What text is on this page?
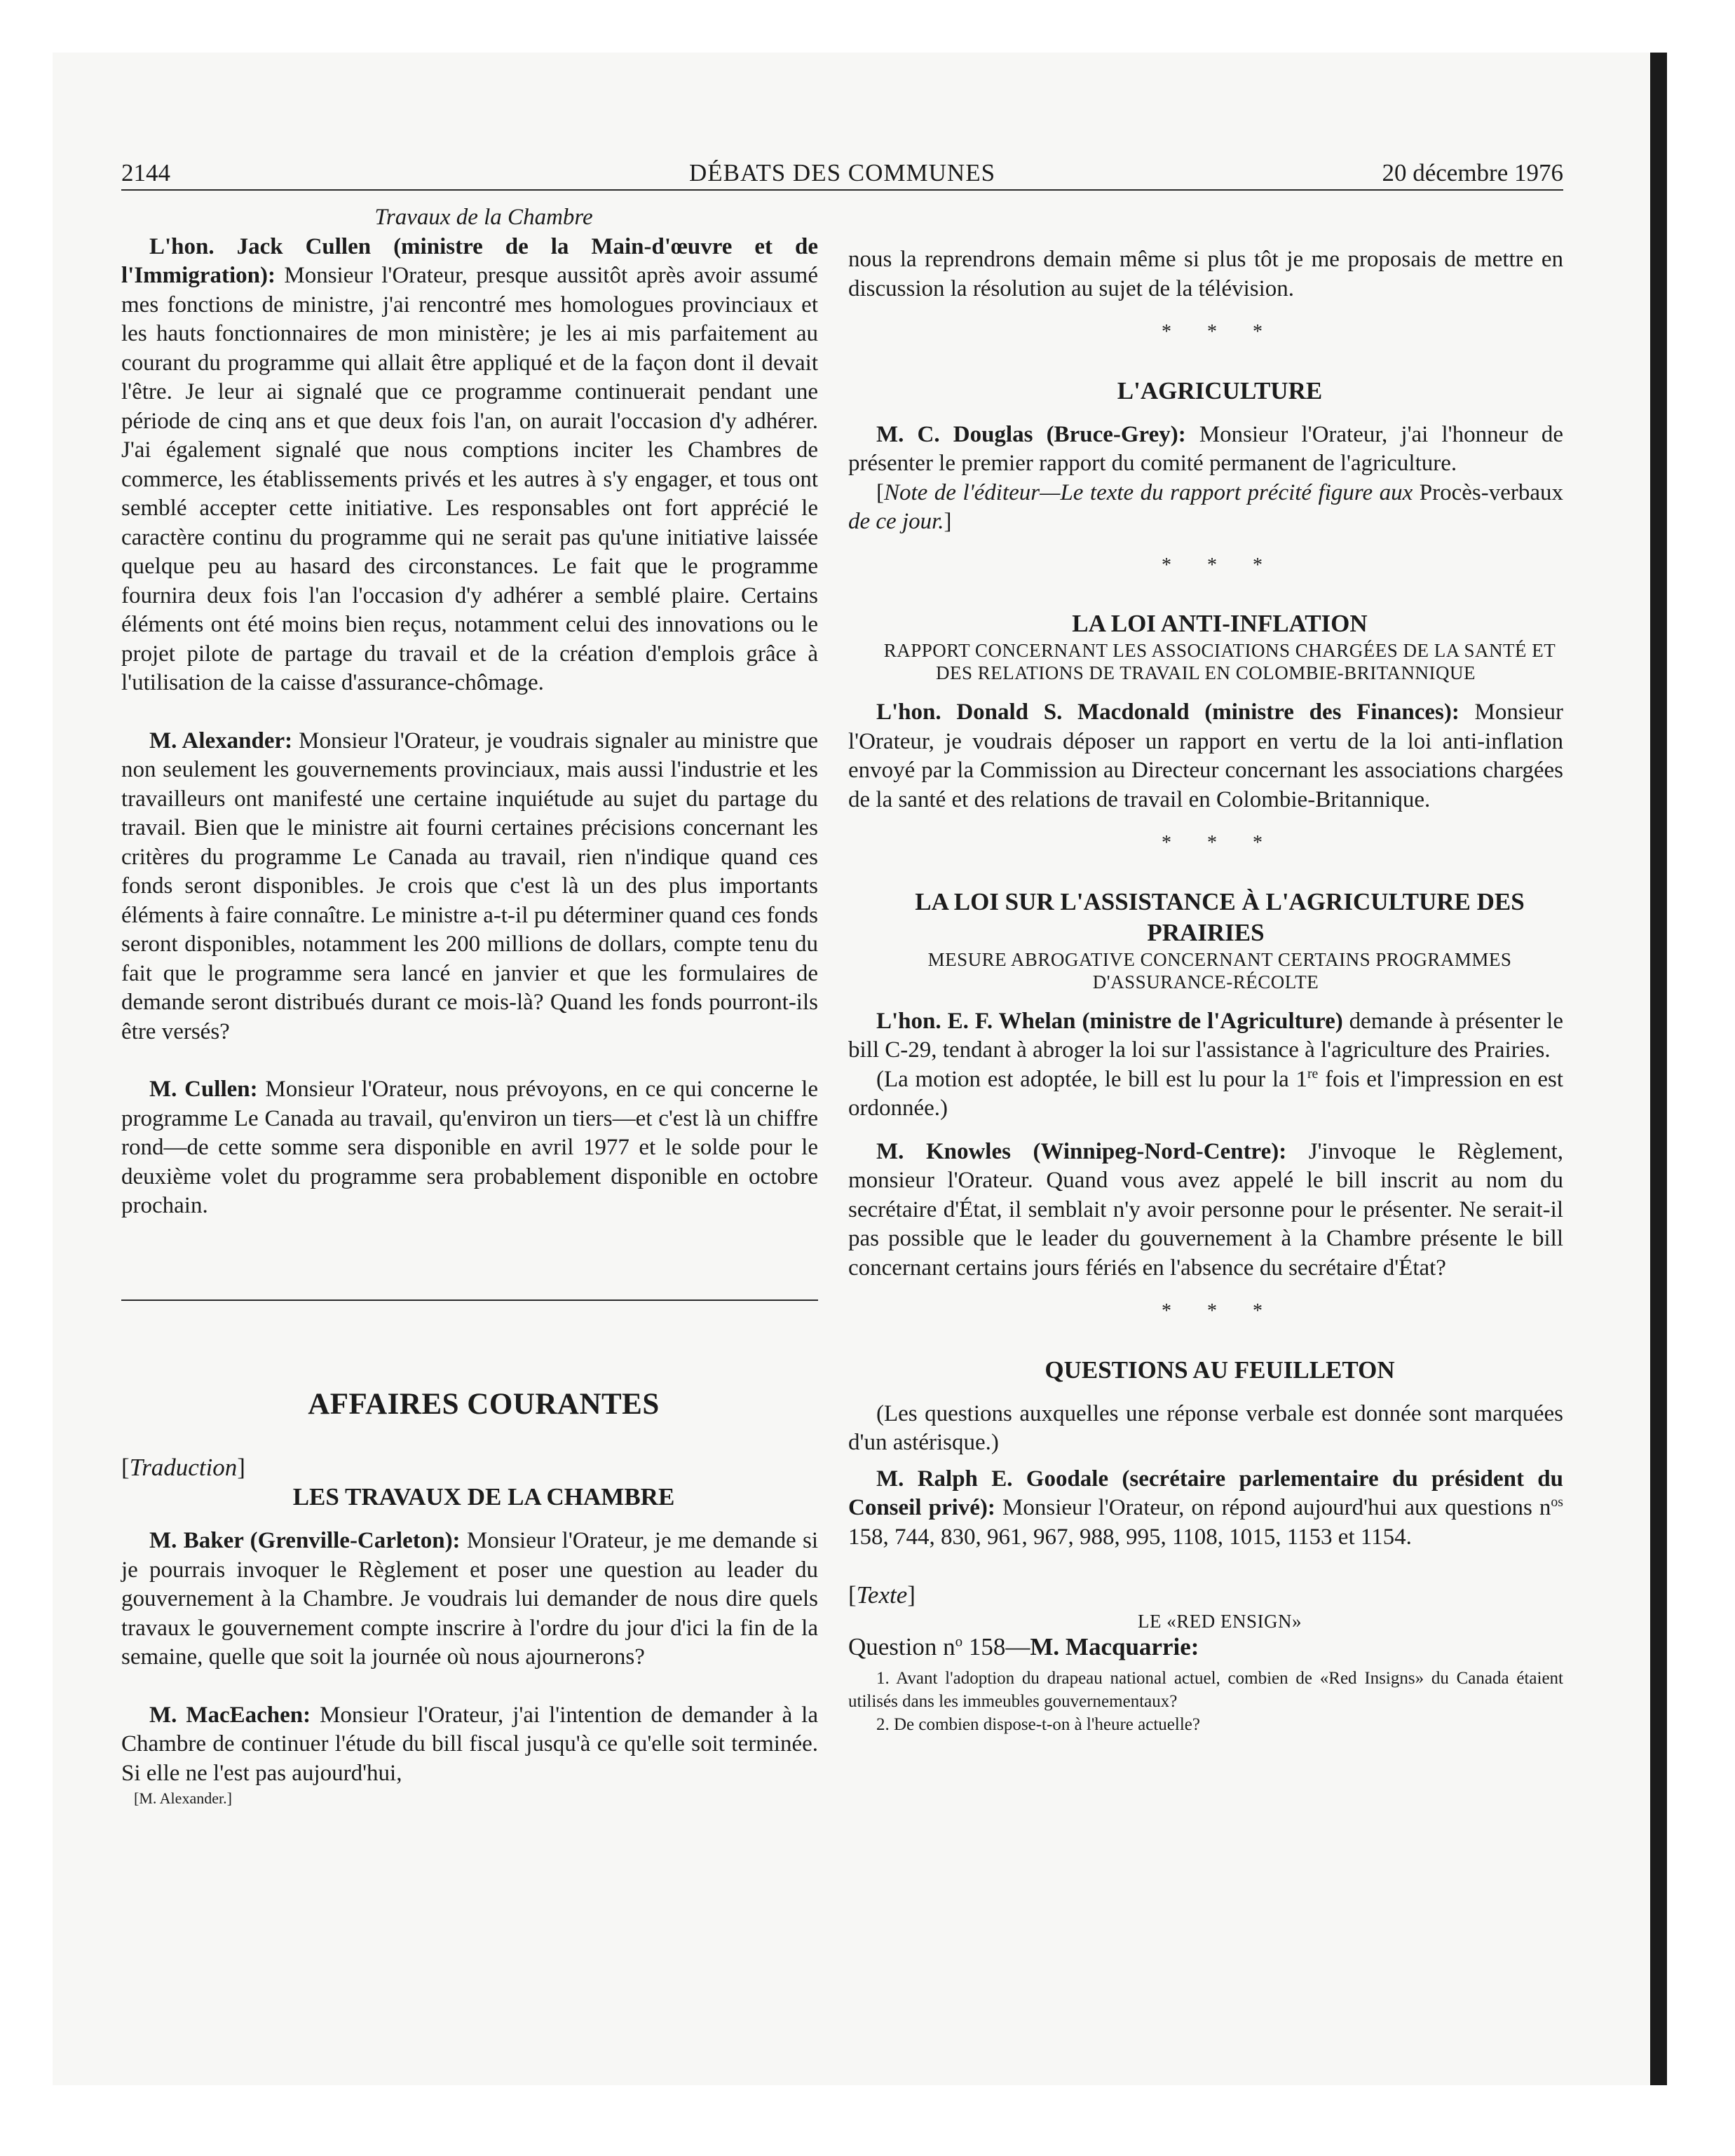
2144	DÉBATS DES COMMUNES	20 décembre 1976

Travaux de la Chambre

L'hon. Jack Cullen (ministre de la Main-d'œuvre et de l'Immigration): Monsieur l'Orateur, presque aussitôt après avoir assumé mes fonctions de ministre, j'ai rencontré mes homologues provinciaux et les hauts fonctionnaires de mon ministère; je les ai mis parfaitement au courant du programme qui allait être appliqué et de la façon dont il devait l'être. Je leur ai signalé que ce programme continuerait pendant une période de cinq ans et que deux fois l'an, on aurait l'occasion d'y adhérer. J'ai également signalé que nous comptions inciter les Chambres de commerce, les établissements privés et les autres à s'y engager, et tous ont semblé accepter cette initiative. Les responsables ont fort apprécié le caractère continu du programme qui ne serait pas qu'une initiative laissée quelque peu au hasard des circonstances. Le fait que le programme fournira deux fois l'an l'occasion d'y adhérer a semblé plaire. Certains éléments ont été moins bien reçus, notamment celui des innovations ou le projet pilote de partage du travail et de la création d'emplois grâce à l'utilisation de la caisse d'assurance-chômage.

M. Alexander: Monsieur l'Orateur, je voudrais signaler au ministre que non seulement les gouvernements provinciaux, mais aussi l'industrie et les travailleurs ont manifesté une certaine inquiétude au sujet du partage du travail. Bien que le ministre ait fourni certaines précisions concernant les critères du programme Le Canada au travail, rien n'indique quand ces fonds seront disponibles. Je crois que c'est là un des plus importants éléments à faire connaître. Le ministre a-t-il pu déterminer quand ces fonds seront disponibles, notamment les 200 millions de dollars, compte tenu du fait que le programme sera lancé en janvier et que les formulaires de demande seront distribués durant ce mois-là? Quand les fonds pourront-ils être versés?

M. Cullen: Monsieur l'Orateur, nous prévoyons, en ce qui concerne le programme Le Canada au travail, qu'environ un tiers—et c'est là un chiffre rond—de cette somme sera disponible en avril 1977 et le solde pour le deuxième volet du programme sera probablement disponible en octobre prochain.

AFFAIRES COURANTES

[Traduction]

LES TRAVAUX DE LA CHAMBRE

M. Baker (Grenville-Carleton): Monsieur l'Orateur, je me demande si je pourrais invoquer le Règlement et poser une question au leader du gouvernement à la Chambre. Je voudrais lui demander de nous dire quels travaux le gouvernement compte inscrire à l'ordre du jour d'ici la fin de la semaine, quelle que soit la journée où nous ajournerons?

M. MacEachen: Monsieur l'Orateur, j'ai l'intention de demander à la Chambre de continuer l'étude du bill fiscal jusqu'à ce qu'elle soit terminée. Si elle ne l'est pas aujourd'hui,

[M. Alexander.]

nous la reprendrons demain même si plus tôt je me proposais de mettre en discussion la résolution au sujet de la télévision.

* * *

L'AGRICULTURE

M. C. Douglas (Bruce-Grey): Monsieur l'Orateur, j'ai l'honneur de présenter le premier rapport du comité permanent de l'agriculture.

[Note de l'éditeur—Le texte du rapport précité figure aux Procès-verbaux de ce jour.]

* * *

LA LOI ANTI-INFLATION

RAPPORT CONCERNANT LES ASSOCIATIONS CHARGÉES DE LA SANTÉ ET DES RELATIONS DE TRAVAIL EN COLOMBIE-BRITANNIQUE

L'hon. Donald S. Macdonald (ministre des Finances): Monsieur l'Orateur, je voudrais déposer un rapport en vertu de la loi anti-inflation envoyé par la Commission au Directeur concernant les associations chargées de la santé et des relations de travail en Colombie-Britannique.

* * *

LA LOI SUR L'ASSISTANCE À L'AGRICULTURE DES PRAIRIES

MESURE ABROGATIVE CONCERNANT CERTAINS PROGRAMMES D'ASSURANCE-RÉCOLTE

L'hon. E. F. Whelan (ministre de l'Agriculture) demande à présenter le bill C-29, tendant à abroger la loi sur l'assistance à l'agriculture des Prairies.

(La motion est adoptée, le bill est lu pour la 1re fois et l'impression en est ordonnée.)

M. Knowles (Winnipeg-Nord-Centre): J'invoque le Règlement, monsieur l'Orateur. Quand vous avez appelé le bill inscrit au nom du secrétaire d'État, il semblait n'y avoir personne pour le présenter. Ne serait-il pas possible que le leader du gouvernement à la Chambre présente le bill concernant certains jours fériés en l'absence du secrétaire d'État?

* * *

QUESTIONS AU FEUILLETON

(Les questions auxquelles une réponse verbale est donnée sont marquées d'un astérisque.)

M. Ralph E. Goodale (secrétaire parlementaire du président du Conseil privé): Monsieur l'Orateur, on répond aujourd'hui aux questions $n^{os}$ 158, 744, 830, 961, 967, 988, 995, 1108, 1015, 1153 et 1154.

[Texte]

LE «RED ENSIGN»

Question $n^o$ 158—M. Macquarrie:

1. Avant l'adoption du drapeau national actuel, combien de «Red Insigns» du Canada étaient utilisés dans les immeubles gouvernementaux?

2. De combien dispose-t-on à l'heure actuelle?
